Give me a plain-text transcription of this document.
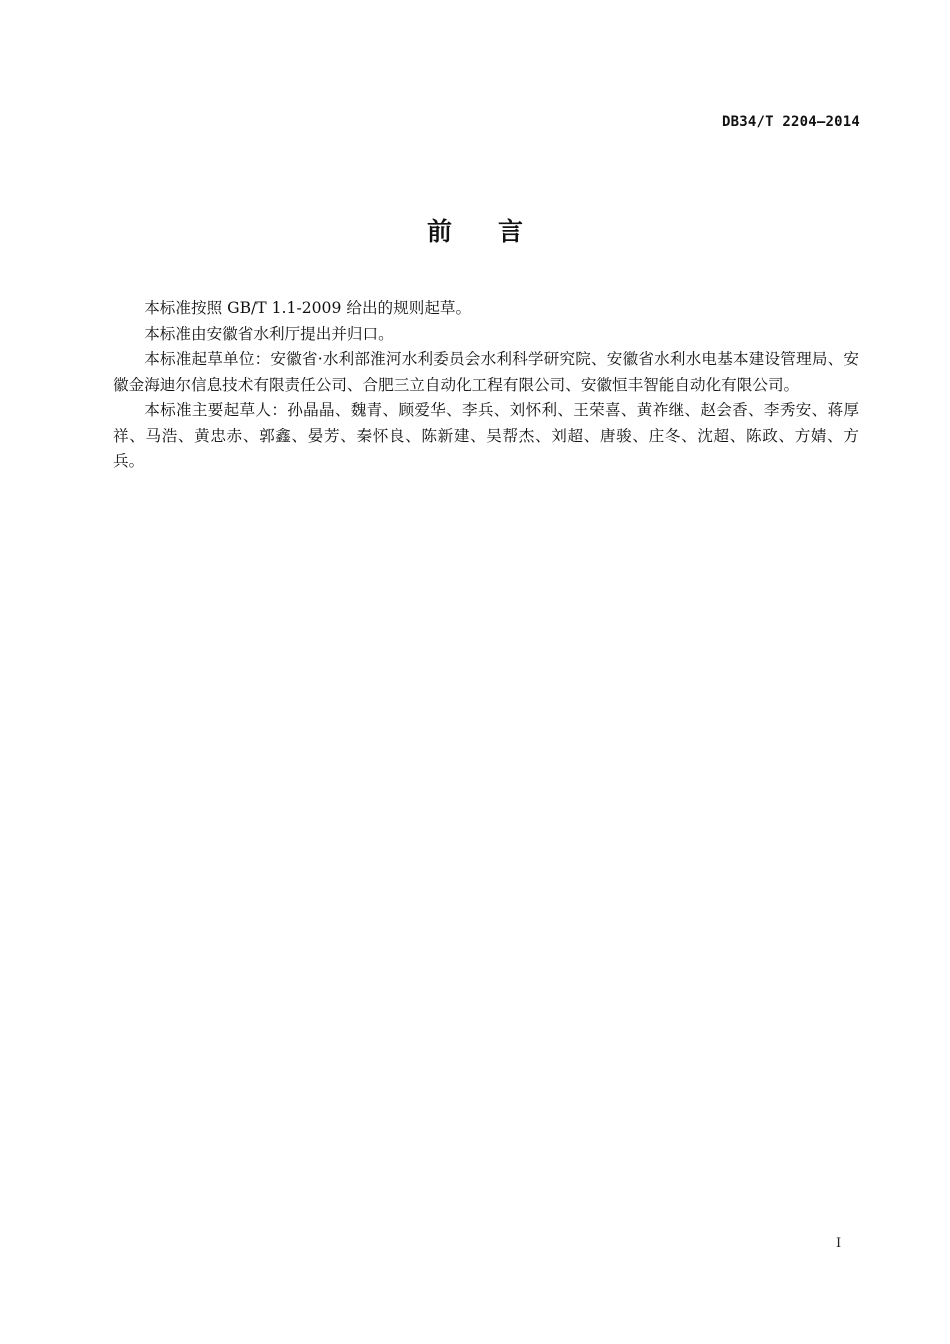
DB34/T 2204—2014
前 言

本标准按照 GB/T 1.1-2009 给出的规则起草。

本标准由安徽省水利厅提出并归口。

本标准起草单位：安徽省·水利部淮河水利委员会水利科学研究院、安徽省水利水电基本建设管理局、安徽金海迪尔信息技术有限责任公司、合肥三立自动化工程有限公司、安徽恒丰智能自动化有限公司。

本标准主要起草人：孙晶晶、魏青、顾爱华、李兵、刘怀利、王荣喜、黄祚继、赵会香、李秀安、蒋厚祥、马浩、黄忠赤、郭鑫、晏芳、秦怀良、陈新建、吴帮杰、刘超、唐骏、庄冬、沈超、陈政、方婧、方兵。

I
